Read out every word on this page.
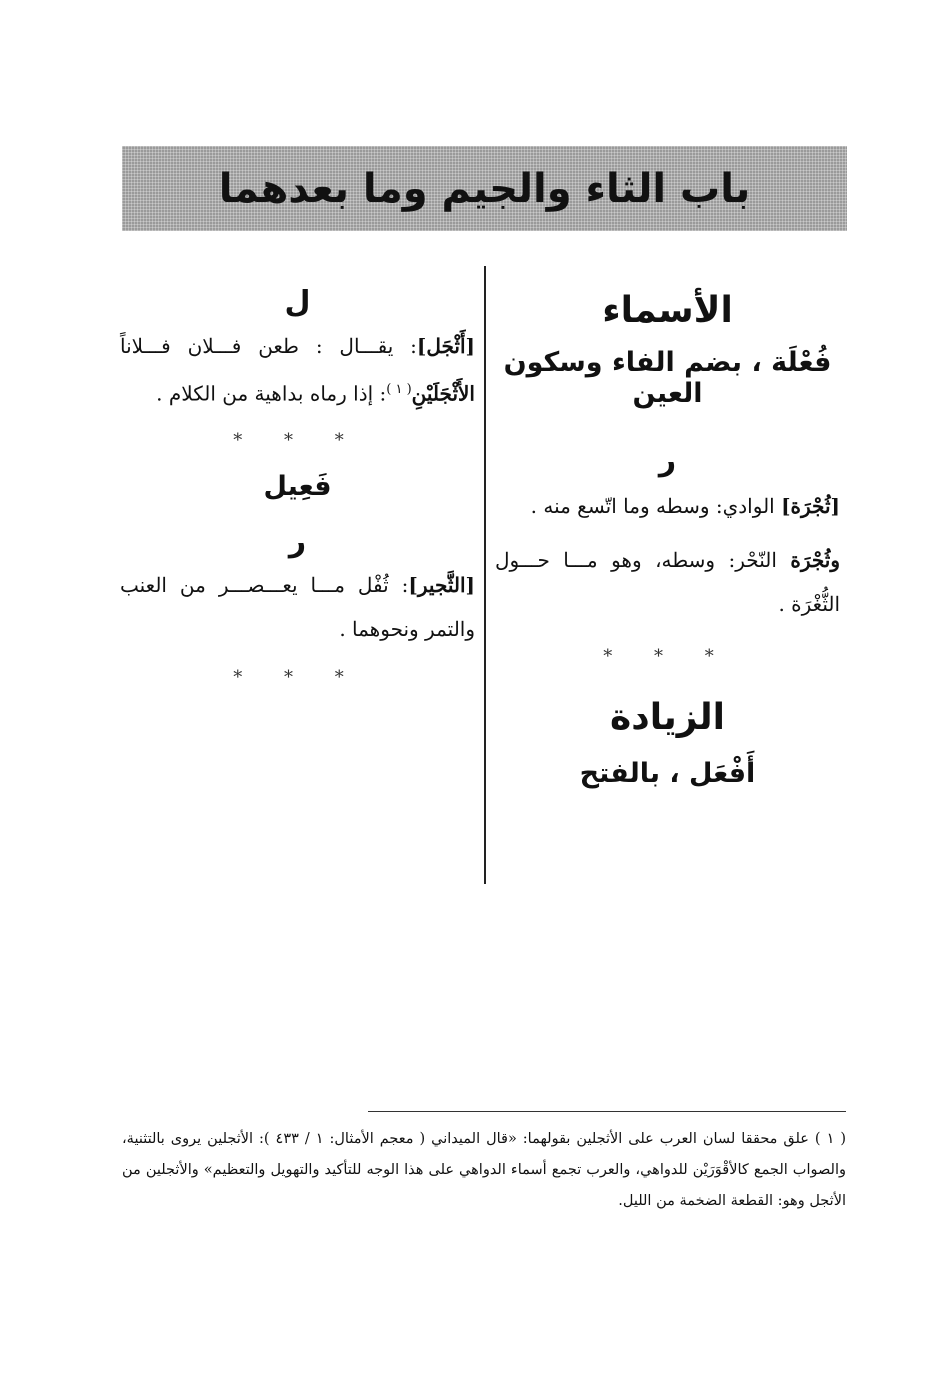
باب الثاء والجيم وما بعدهما
الأسماء
فُعْلَة ، بضم الفاء وسكون العين
ر
[ثُجْرَة] الوادي: وسطه وما اتّسع منه .
وثُجْرَة النّحْر: وسطه، وهو مـــا حـــول الثُّغْرَة .
* * *
الزيادة
أَفْعَل ، بالفتح
ل
[أَثْجَل]: يقـــال : طعن فـــلان فـــلاناً الأَثْجَلَيْنِ$^{( ١ )}$: إذا رماه بداهية من الكلام .
* * *
فَعِيل
ر
[الثَّجير]: ثُفْل مـــا يعـــصـــر من العنب والتمر ونحوهما .
* * *
( ١ ) علق محققا لسان العرب على الأثجلين بقولهما: «قال الميداني ( معجم الأمثال: ١ / ٤٣٣ ): الأثجلين يروى بالتثنية، والصواب الجمع كالأقْوَرَيْن للدواهي، والعرب تجمع أسماء الدواهي على هذا الوجه للتأكيد والتهويل والتعظيم» والأثجلين من الأثجل وهو: القطعة الضخمة من الليل.
